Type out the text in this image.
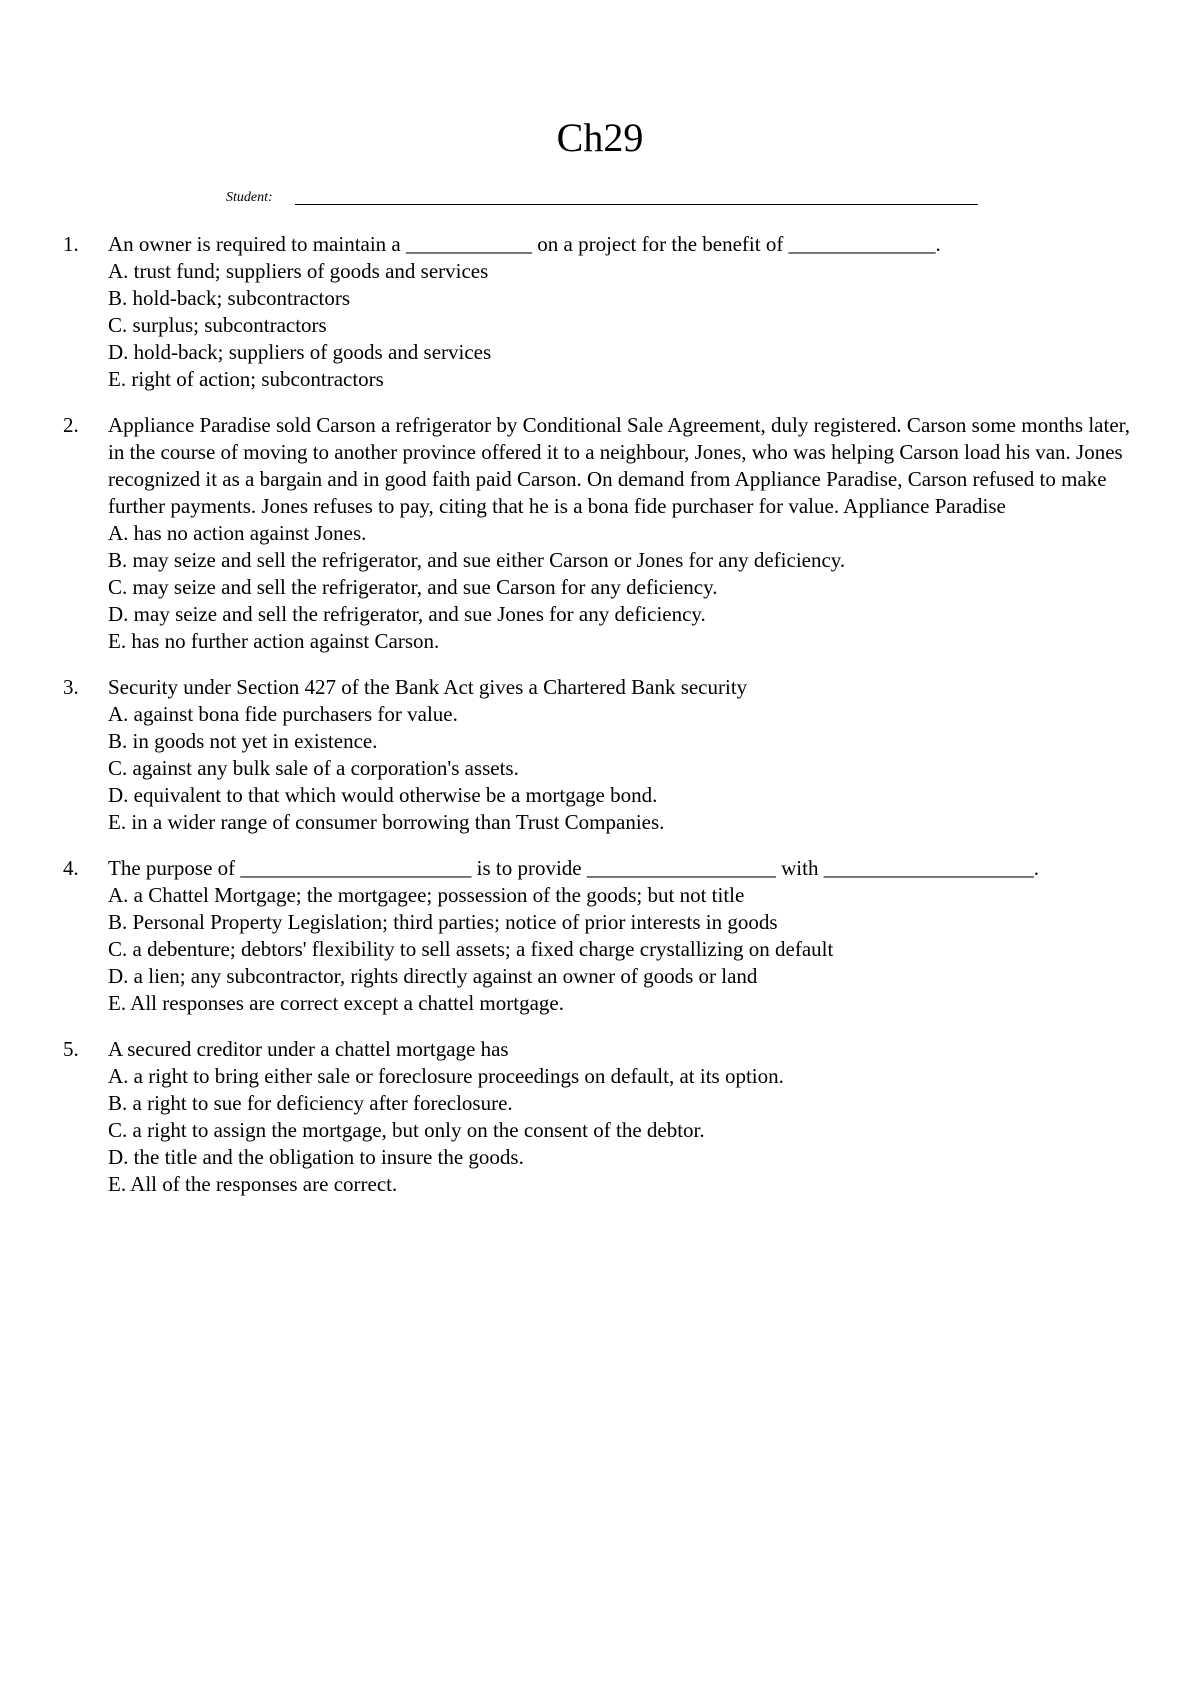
Ch29
Student:
1. An owner is required to maintain a ____________ on a project for the benefit of ______________.
A. trust fund; suppliers of goods and services
B. hold-back; subcontractors
C. surplus; subcontractors
D. hold-back; suppliers of goods and services
E. right of action; subcontractors
2. Appliance Paradise sold Carson a refrigerator by Conditional Sale Agreement, duly registered. Carson some months later, in the course of moving to another province offered it to a neighbour, Jones, who was helping Carson load his van. Jones recognized it as a bargain and in good faith paid Carson. On demand from Appliance Paradise, Carson refused to make further payments. Jones refuses to pay, citing that he is a bona fide purchaser for value. Appliance Paradise
A. has no action against Jones.
B. may seize and sell the refrigerator, and sue either Carson or Jones for any deficiency.
C. may seize and sell the refrigerator, and sue Carson for any deficiency.
D. may seize and sell the refrigerator, and sue Jones for any deficiency.
E. has no further action against Carson.
3. Security under Section 427 of the Bank Act gives a Chartered Bank security
A. against bona fide purchasers for value.
B. in goods not yet in existence.
C. against any bulk sale of a corporation's assets.
D. equivalent to that which would otherwise be a mortgage bond.
E. in a wider range of consumer borrowing than Trust Companies.
4. The purpose of ______________________ is to provide __________________ with ____________________.
A. a Chattel Mortgage; the mortgagee; possession of the goods; but not title
B. Personal Property Legislation; third parties; notice of prior interests in goods
C. a debenture; debtors' flexibility to sell assets; a fixed charge crystallizing on default
D. a lien; any subcontractor, rights directly against an owner of goods or land
E. All responses are correct except a chattel mortgage.
5. A secured creditor under a chattel mortgage has
A. a right to bring either sale or foreclosure proceedings on default, at its option.
B. a right to sue for deficiency after foreclosure.
C. a right to assign the mortgage, but only on the consent of the debtor.
D. the title and the obligation to insure the goods.
E. All of the responses are correct.
